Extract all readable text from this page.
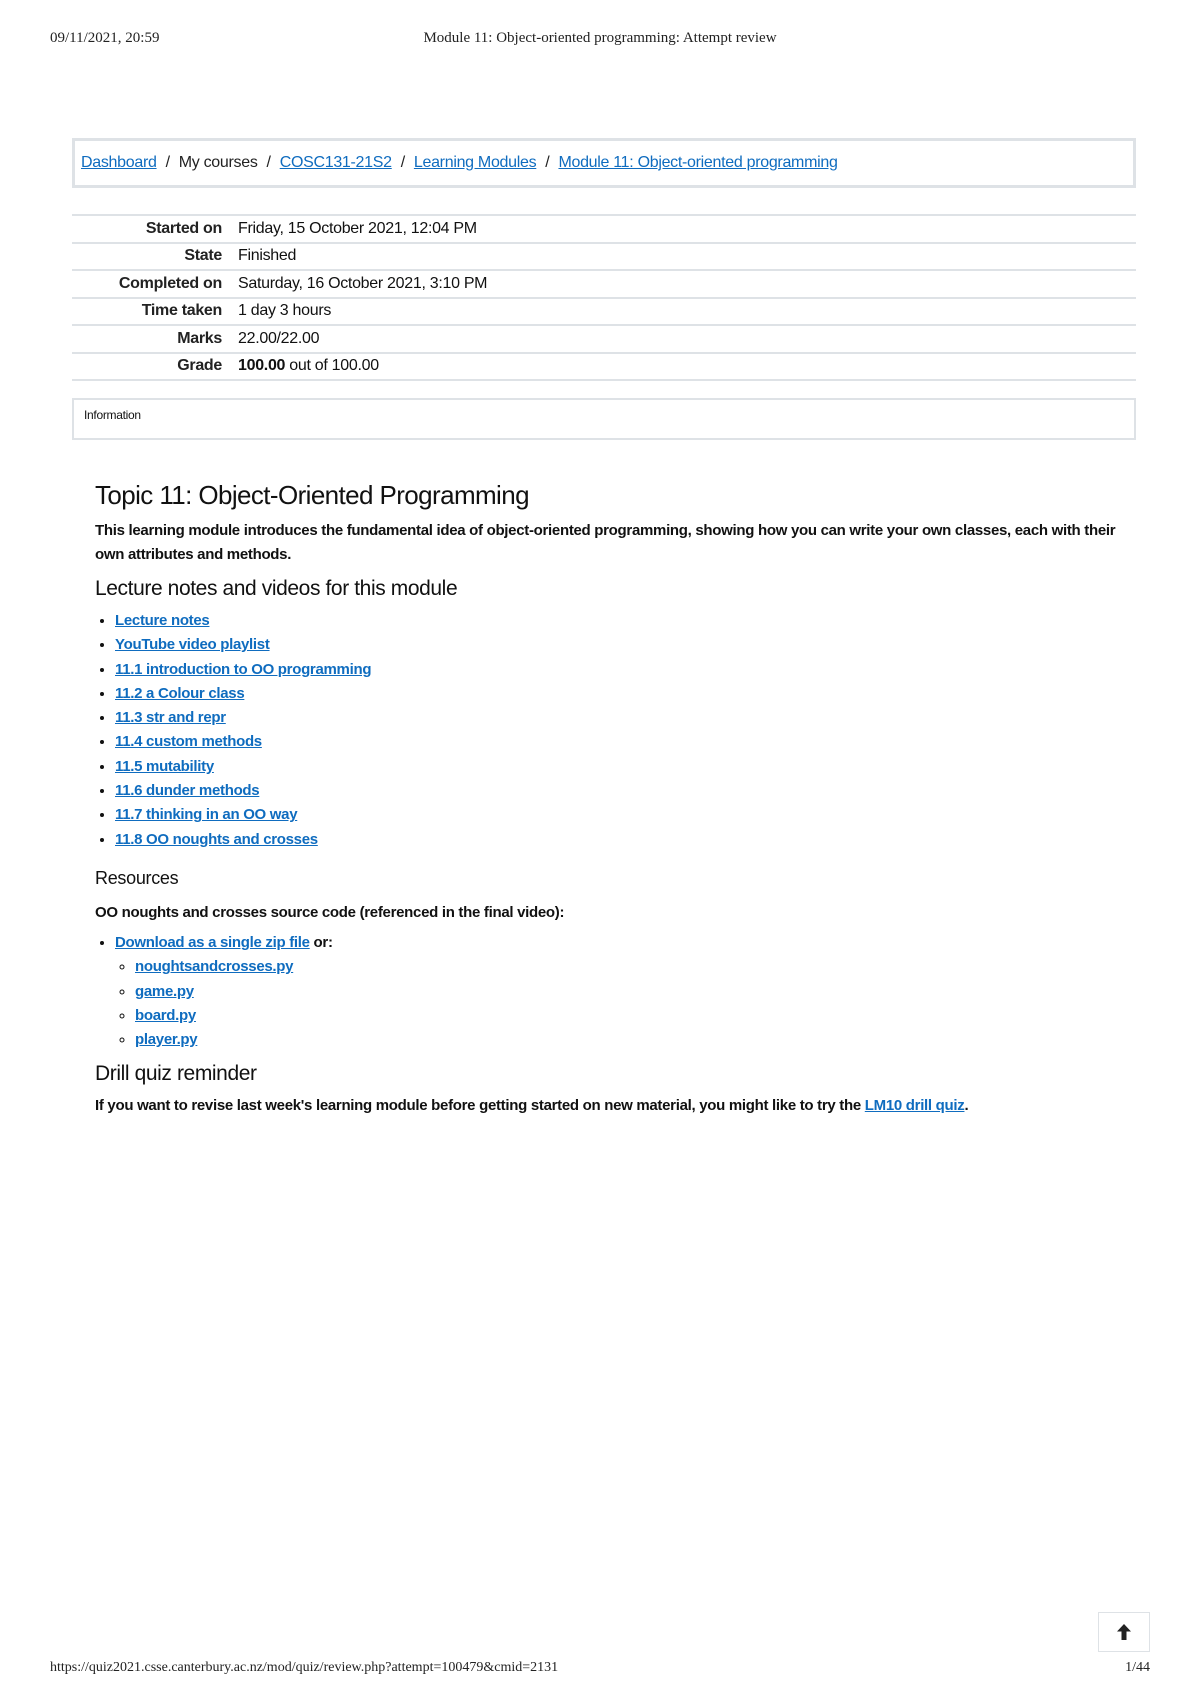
09/11/2021, 20:59	Module 11: Object-oriented programming: Attempt review
Dashboard / My courses / COSC131-21S2 / Learning Modules / Module 11: Object-oriented programming
Started on	Friday, 15 October 2021, 12:04 PM
State	Finished
Completed on	Saturday, 16 October 2021, 3:10 PM
Time taken	1 day 3 hours
Marks	22.00/22.00
Grade	100.00 out of 100.00
Information
Topic 11: Object-Oriented Programming

This learning module introduces the fundamental idea of object-oriented programming, showing how you can write your own classes, each with their own attributes and methods.

Lecture notes and videos for this module
• Lecture notes
• YouTube video playlist
• 11.1 introduction to OO programming
• 11.2 a Colour class
• 11.3 str and repr
• 11.4 custom methods
• 11.5 mutability
• 11.6 dunder methods
• 11.7 thinking in an OO way
• 11.8 OO noughts and crosses
Resources

OO noughts and crosses source code (referenced in the final video):

• Download as a single zip file or:
◦ noughtsandcrosses.py
◦ game.py
◦ board.py
◦ player.py
Drill quiz reminder

If you want to revise last week's learning module before getting started on new material, you might like to try the LM10 drill quiz.

https://quiz2021.csse.canterbury.ac.nz/mod/quiz/review.php?attempt=100479&cmid=2131	1/44
